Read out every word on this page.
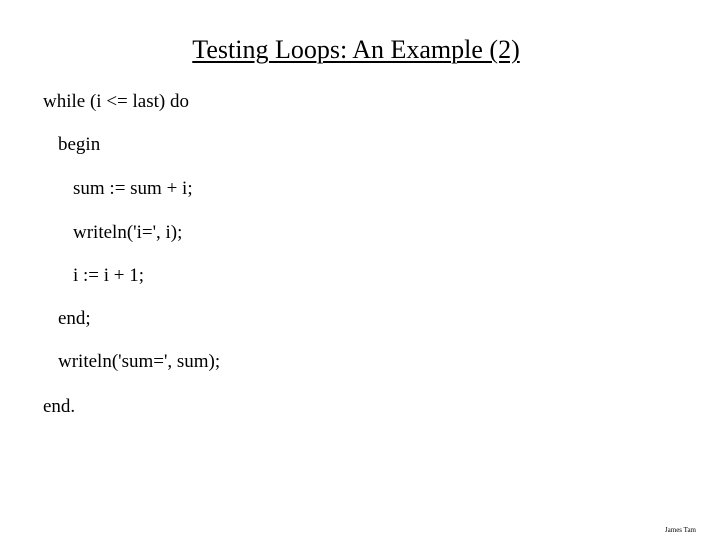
Testing Loops: An Example (2)
while (i <= last) do
begin
sum := sum + i;
writeln('i=', i);
i := i + 1;
end;
writeln('sum=', sum);
end.
James Tam
